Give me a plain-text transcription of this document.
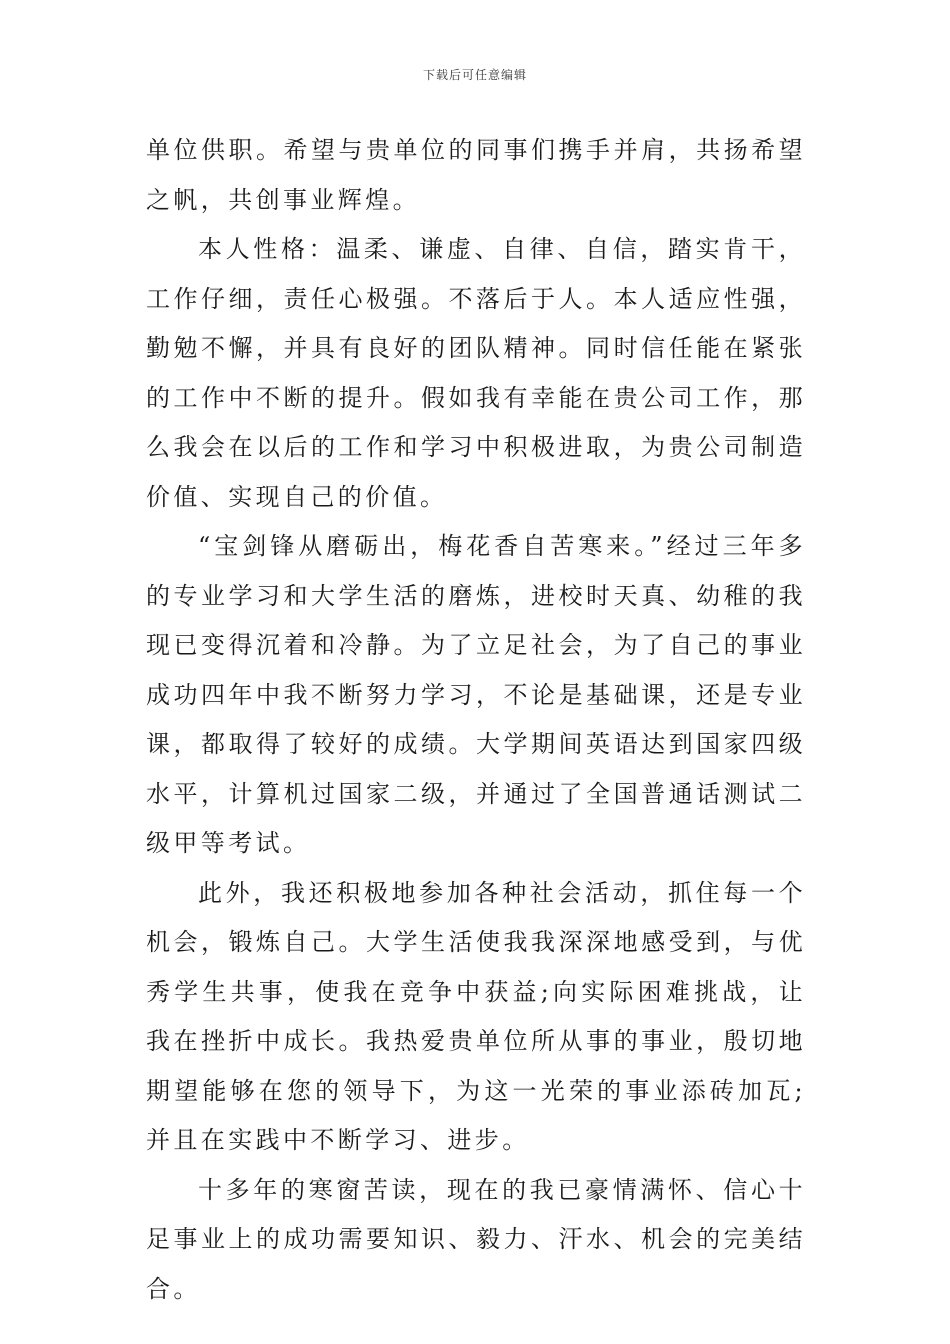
下载后可任意编辑

单位供职。希望与贵单位的同事们携手并肩，共扬希望之帆，共创事业辉煌。

本人性格：温柔、谦虚、自律、自信，踏实肯干，工作仔细，责任心极强。不落后于人。本人适应性强，勤勉不懈，并具有良好的团队精神。同时信任能在紧张的工作中不断的提升。假如我有幸能在贵公司工作，那么我会在以后的工作和学习中积极进取，为贵公司制造价值、实现自己的价值。

“宝剑锋从磨砺出，梅花香自苦寒来。”经过三年多的专业学习和大学生活的磨炼，进校时天真、幼稚的我现已变得沉着和冷静。为了立足社会，为了自己的事业成功四年中我不断努力学习，不论是基础课，还是专业课，都取得了较好的成绩。大学期间英语达到国家四级水平，计算机过国家二级，并通过了全国普通话测试二级甲等考试。

此外，我还积极地参加各种社会活动，抓住每一个机会，锻炼自己。大学生活使我我深深地感受到，与优秀学生共事，使我在竞争中获益;向实际困难挑战，让我在挫折中成长。我热爱贵单位所从事的事业，殷切地期望能够在您的领导下，为这一光荣的事业添砖加瓦;并且在实践中不断学习、进步。

十多年的寒窗苦读，现在的我已豪情满怀、信心十足事业上的成功需要知识、毅力、汗水、机会的完美结合。
